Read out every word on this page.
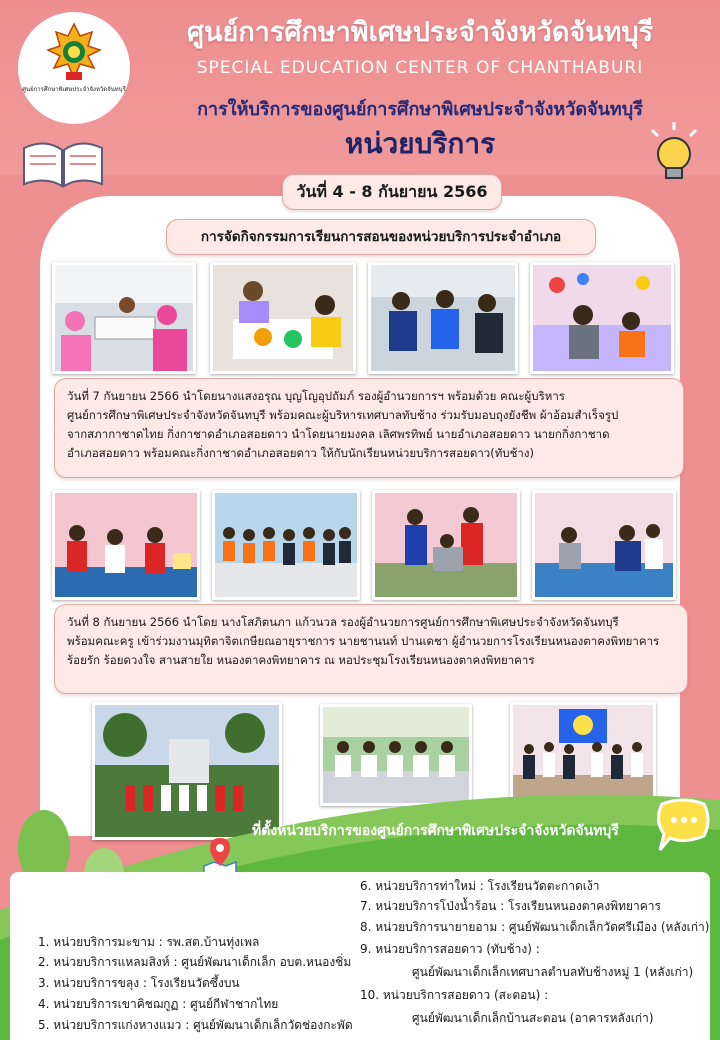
ศูนย์การศึกษาพิเศษประจำจังหวัดจันทบุรี
ศูนย์การศึกษาพิเศษประจำจังหวัดจันทบุรี
SPECIAL EDUCATION CENTER OF CHANTHABURI
การให้บริการของศูนย์การศึกษาพิเศษประจำจังหวัดจันทบุรี
หน่วยบริการ
วันที่ 4 - 8 กันยายน 2566
การจัดกิจกรรมการเรียนการสอนของหน่วยบริการประจำอำเภอ
วันที่ 7 กันยายน 2566 นำโดยนางแสงอรุณ บุญโญอุปถัมภ์ รองผู้อำนวยการฯ พร้อมด้วย คณะผู้บริหาร
ศูนย์การศึกษาพิเศษประจำจังหวัดจันทบุรี พร้อมคณะผู้บริหารเทศบาลทับช้าง ร่วมรับมอบถุงยังชีพ ผ้าอ้อมสำเร็จรูป
จากสภากาชาดไทย กิ่งกาชาดอำเภอสอยดาว นำโดยนายมงคล เลิศพรทิพย์ นายอำเภอสอยดาว นายกกิ่งกาชาด
อำเภอสอยดาว พร้อมคณะกิ่งกาชาดอำเภอสอยดาว ให้กับนักเรียนหน่วยบริการสอยดาว(ทับช้าง)
วันที่ 8 กันยายน 2566 นำโดย นางโสภิตนภา แก้วนวล รองผู้อำนวยการศูนย์การศึกษาพิเศษประจำจังหวัดจันทบุรี
พร้อมคณะครู เข้าร่วมงานมุทิตาจิตเกษียณอายุราชการ นายชานนท์ ปานเดชา ผู้อำนวยการโรงเรียนหนองตาคงพิทยาคาร
ร้อยรัก ร้อยดวงใจ สานสายใย หนองตาคงพิทยาคาร ณ หอประชุมโรงเรียนหนองตาคงพิทยาคาร
ที่ตั้งหน่วยบริการของศูนย์การศึกษาพิเศษประจำจังหวัดจันทบุรี
1. หน่วยบริการมะขาม : รพ.สต.บ้านทุ่งเพล
2. หน่วยบริการแหลมสิงห์ : ศูนย์พัฒนาเด็กเล็ก อบต.หนองชิ่ม
3. หน่วยบริการขลุง : โรงเรียนวัดซึ้งบน
4. หน่วยบริการเขาคิชฌกูฏ : ศูนย์กีฬาชากไทย
5. หน่วยบริการแก่งหางแมว : ศูนย์พัฒนาเด็กเล็กวัดช่องกะพัด
6. หน่วยบริการท่าใหม่ : โรงเรียนวัดตะกาดเง้า
7. หน่วยบริการโป่งน้ำร้อน : โรงเรียนหนองตาคงพิทยาคาร
8. หน่วยบริการนายายอาม : ศูนย์พัฒนาเด็กเล็กวัดศรีเมือง (หลังเก่า)
9. หน่วยบริการสอยดาว (ทับช้าง) :
ศูนย์พัฒนาเด็กเล็กเทศบาลตำบลทับช้างหมู่ 1 (หลังเก่า)
10. หน่วยบริการสอยดาว (สะตอน) :
ศูนย์พัฒนาเด็กเล็กบ้านสะตอน (อาคารหลังเก่า)
